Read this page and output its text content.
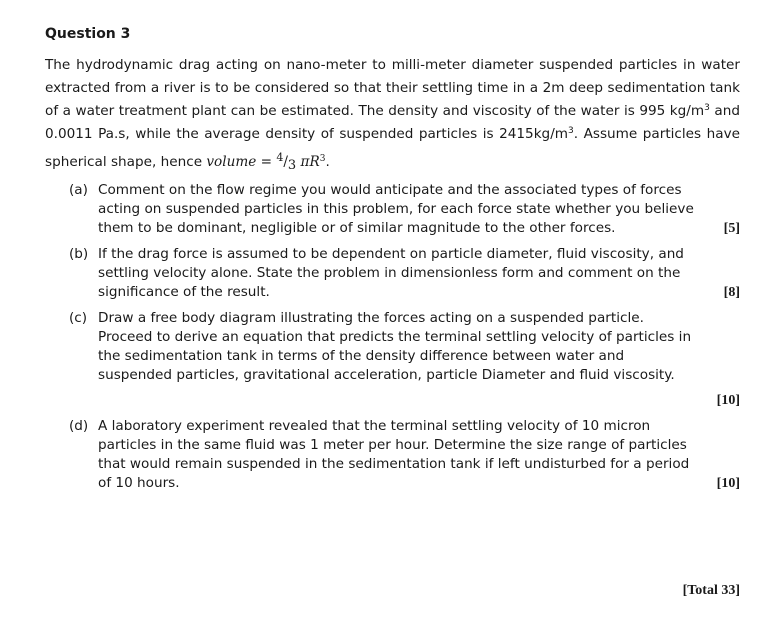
Question 3

The hydrodynamic drag acting on nano-meter to milli-meter diameter suspended particles in water extracted from a river is to be considered so that their settling time in a 2m deep sedimentation tank of a water treatment plant can be estimated. The density and viscosity of the water is 995 $kg/m^3$ and 0.0011 Pa.s, while the average density of suspended particles is $2415kg/m^3$. Assume particles have spherical shape, hence volume = $^4$/3 $\pi R^3$.

(a) Comment on the flow regime you would anticipate and the associated types of forces
acting on suspended particles in this problem, for each force state whether you believe
them to be dominant, negligible or of similar magnitude to the other forces.	[5]
(b) If the drag force is assumed to be dependent on particle diameter, fluid viscosity, and
settling velocity alone. State the problem in dimensionless form and comment on the
significance of the result.	[8]
(c) Draw a free body diagram illustrating the forces acting on a suspended particle.
Proceed to derive an equation that predicts the terminal settling velocity of particles in
the sedimentation tank in terms of the density difference between water and
suspended particles, gravitational acceleration, particle Diameter and fluid viscosity.
[10]
(d) A laboratory experiment revealed that the terminal settling velocity of 10 micron
particles in the same fluid was 1 meter per hour. Determine the size range of particles
that would remain suspended in the sedimentation tank if left undisturbed for a period
of 10 hours.	[10]
[Total 33]
